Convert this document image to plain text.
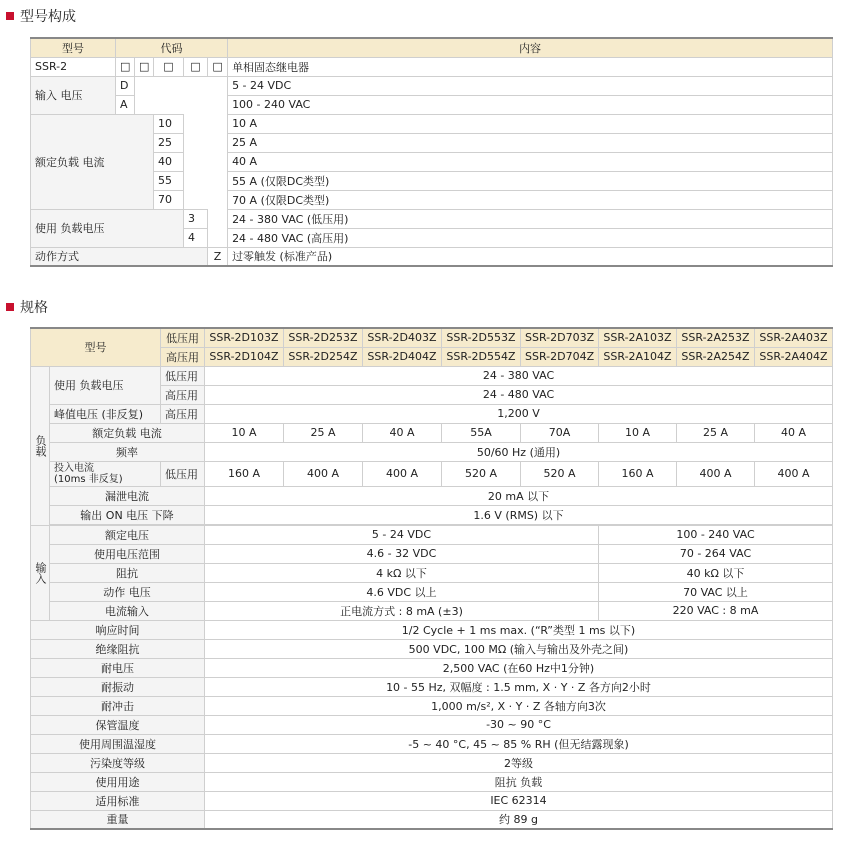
型号构成
型号	代码					内容
SSR-2	□	□	□	□	□	单相固态继电器
输入 电压	D					5 - 24 VDC
	A					100 - 240 VAC
额定负载 电流			10			10 A
			25			25 A
			40			40 A
			55			55 A (仅限DC类型)
			70			70 A (仅限DC类型)
使用 负载电压				3		24 - 380 VAC (低压用)
				4		24 - 480 VAC (高压用)
动作方式					Z	过零触发 (标准产品)
规格
型号		低压用	SSR-2D103Z	SSR-2D253Z	SSR-2D403Z	SSR-2D553Z	SSR-2D703Z	SSR-2A103Z	SSR-2A253Z	SSR-2A403Z
		高压用	SSR-2D104Z	SSR-2D254Z	SSR-2D404Z	SSR-2D554Z	SSR-2D704Z	SSR-2A104Z	SSR-2A254Z	SSR-2A404Z
负载	使用 负载电压	低压用	24 - 380 VAC							
		高压用	24 - 480 VAC							
	峰值电压 (非反复)	高压用	1,200 V							
	额定负载 电流		10 A	25 A	40 A	55A	70A	10 A	25 A	40 A
	频率		50/60 Hz (通用)							
	投入电流
(10ms 非反复)	低压用	160 A	400 A	400 A	520 A	520 A	160 A	400 A	400 A
	漏泄电流		20 mA 以下							
	输出 ON 电压 下降		1.6 V (RMS) 以下							

输入	额定电压		5 - 24 VDC					100 - 240 VAC		
	使用电压范围		4.6 - 32 VDC					70 - 264 VAC		
	阻抗		4 kΩ 以下					40 kΩ 以下		
	动作 电压		4.6 VDC 以上					70 VAC 以上		
	电流输入		正电流方式 : 8 mA (±3)					220 VAC : 8 mA		
响应时间			1/2 Cycle + 1 ms max. (“R”类型 1 ms 以下)							
绝缘阻抗			500 VDC, 100 MΩ (输入与输出及外壳之间)							
耐电压			2,500 VAC (在60 Hz中1分钟)							
耐振动			10 - 55 Hz, 双幅度 : 1.5 mm, X · Y · Z 各方向2小时							
耐冲击			1,000 m/s², X · Y · Z 各轴方向3次							
保管温度			-30 ~ 90 °C							
使用周围温湿度			-5 ~ 40 °C, 45 ~ 85 % RH (但无结露现象)							
污染度等级			2等级							
使用用途			阻抗 负载							
适用标准			IEC 62314							
重量			约 89 g							
